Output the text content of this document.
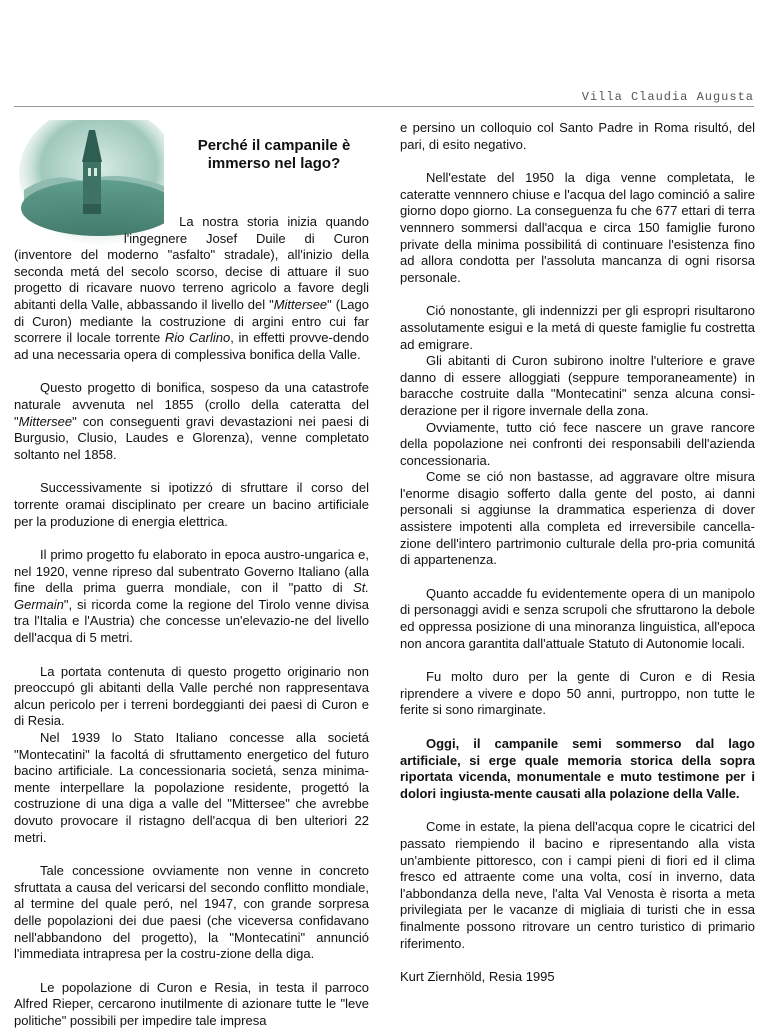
Villa Claudia Augusta
Perché il campanile è
immerso nel lago?

La nostra storia inizia quando l'ingegnere Josef Duile di Curon (inventore del moderno "asfalto" stradale), all'inizio della seconda metá del secolo scorso, decise di attuare il suo progetto di ricavare nuovo terreno agricolo a favore degli abitanti della Valle, abbassando il livello del "Mittersee" (Lago di Curon) mediante la costruzione di argini entro cui far scorrere il locale torrente Rio Carlino, in effetti provve-dendo ad una necessaria opera di complessiva bonifica della Valle.

Questo progetto di bonifica, sospeso da una catastrofe naturale avvenuta nel 1855 (crollo della cateratta del "Mittersee" con conseguenti gravi devastazioni nei paesi di Burgusio, Clusio, Laudes e Glorenza), venne completato soltanto nel 1858.

Successivamente si ipotizzó di sfruttare il corso del torrente oramai disciplinato per creare un bacino artificiale per la produzione di energia elettrica.

Il primo progetto fu elaborato in epoca austro-ungarica e, nel 1920, venne ripreso dal subentrato Governo Italiano (alla fine della prima guerra mondiale, con il "patto di St. Germain", si ricorda come la regione del Tirolo venne divisa tra l'Italia e l'Austria) che concesse un'elevazio-ne del livello dell'acqua di 5 metri.

La portata contenuta di questo progetto originario non preoccupó gli abitanti della Valle perché non rappresentava alcun pericolo per i terreni bordeggianti dei paesi di Curon e di Resia.

Nel 1939 lo Stato Italiano concesse alla societá "Montecatini" la facoltá di sfruttamento energetico del futuro bacino artificiale. La concessionaria societá, senza minima-mente interpellare la popolazione residente, progettó la costruzione di una diga a valle del "Mittersee" che avrebbe dovuto provocare il ristagno dell'acqua di ben ulteriori 22 metri.

Tale concessione ovviamente non venne in concreto sfruttata a causa del vericarsi del secondo conflitto mondiale, al termine del quale peró, nel 1947, con grande sorpresa delle popolazioni dei due paesi (che viceversa confidavano nell'abbandono del progetto), la "Montecatini" annunció l'immediata intrapresa per la costru-zione della diga.

Le popolazione di Curon e Resia, in testa il parroco Alfred Rieper, cercarono inutilmente di azionare tutte le "leve politiche" possibili per impedire tale impresa

e persino un colloquio col Santo Padre in Roma risultó, del pari, di esito negativo.

Nell'estate del 1950 la diga venne completata, le cateratte vennnero chiuse e l'acqua del lago cominció a salire giorno dopo giorno. La conseguenza fu che 677 ettari di terra vennnero sommersi dall'acqua e circa 150 famiglie furono private della minima possibilitá di continuare l'esistenza fino ad allora condotta per l'assoluta mancanza di ogni risorsa personale.

Ció nonostante, gli indennizzi per gli espropri risultarono assolutamente esigui e la metá di queste famiglie fu costretta ad emigrare.

Gli abitanti di Curon subirono inoltre l'ulteriore e grave danno di essere alloggiati (seppure temporaneamente) in baracche costruite dalla "Montecatini" senza alcuna consi-derazione per il rigore invernale della zona.

Ovviamente, tutto ció fece nascere un grave rancore della popolazione nei confronti dei responsabili dell'azienda concessionaria.

Come se ció non bastasse, ad aggravare oltre misura l'enorme disagio sofferto dalla gente del posto, ai danni personali si aggiunse la drammatica esperienza di dover assistere impotenti alla completa ed irreversibile cancella-zione dell'intero partrimonio culturale della pro-pria comunitá di appartenenza.

Quanto accadde fu evidentemente opera di un manipolo di personaggi avidi e senza scrupoli che sfruttarono la debole ed oppressa posizione di una minoranza linguistica, all'epoca non ancora garantita dall'attuale Statuto di Autonomie locali.

Fu molto duro per la gente di Curon e di Resia riprendere a vivere e dopo 50 anni, purtroppo, non tutte le ferite si sono rimarginate.

Oggi, il campanile semi sommerso dal lago artificiale, si erge quale memoria storica della sopra riportata vicenda, monumentale e muto testimone per i dolori ingiusta-mente causati alla polazione della Valle.

Come in estate, la piena dell'acqua copre le cicatrici del passato riempiendo il bacino e ripresentando alla vista un'ambiente pittoresco, con i campi pieni di fiori ed il clima fresco ed attraente come una volta, cosí in inverno, data l'abbondanza della neve, l'alta Val Venosta è risorta a meta privilegiata per le vacanze di migliaia di turisti che in essa finalmente possono ritrovare un centro turistico di primario riferimento.

Kurt Ziernhöld, Resia 1995
